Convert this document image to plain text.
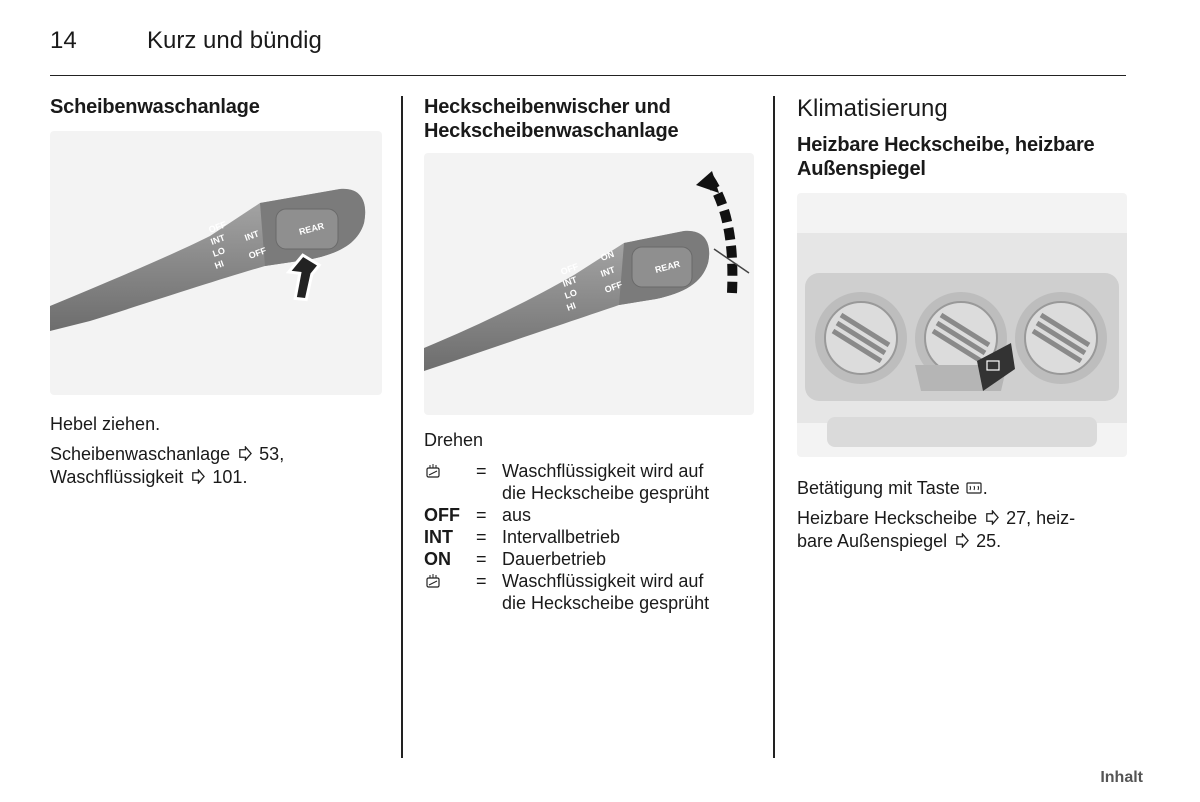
14	Kurz und bündig
Scheibenwaschanlage
OFF
INT
LO
HI
INT
OFF
REAR

Hebel ziehen.

Scheibenwaschanlage 53,
Waschflüssigkeit 101.

Heckscheibenwischer und
Heckscheibenwaschanlage
OFF
INT
LO
HI
ON
INT
OFF
REAR

Drehen

= Waschflüssigkeit wird auf
die Heckscheibe gesprüht
OFF = aus
INT	= Intervallbetrieb
ON	= Dauerbetrieb
= Waschflüssigkeit wird auf
die Heckscheibe gesprüht
Klimatisierung
Heizbare Heckscheibe, heizbare
Außenspiegel

Betätigung mit Taste .

Heizbare Heckscheibe 27, heiz-
bare Außenspiegel 25.

Inhalt
